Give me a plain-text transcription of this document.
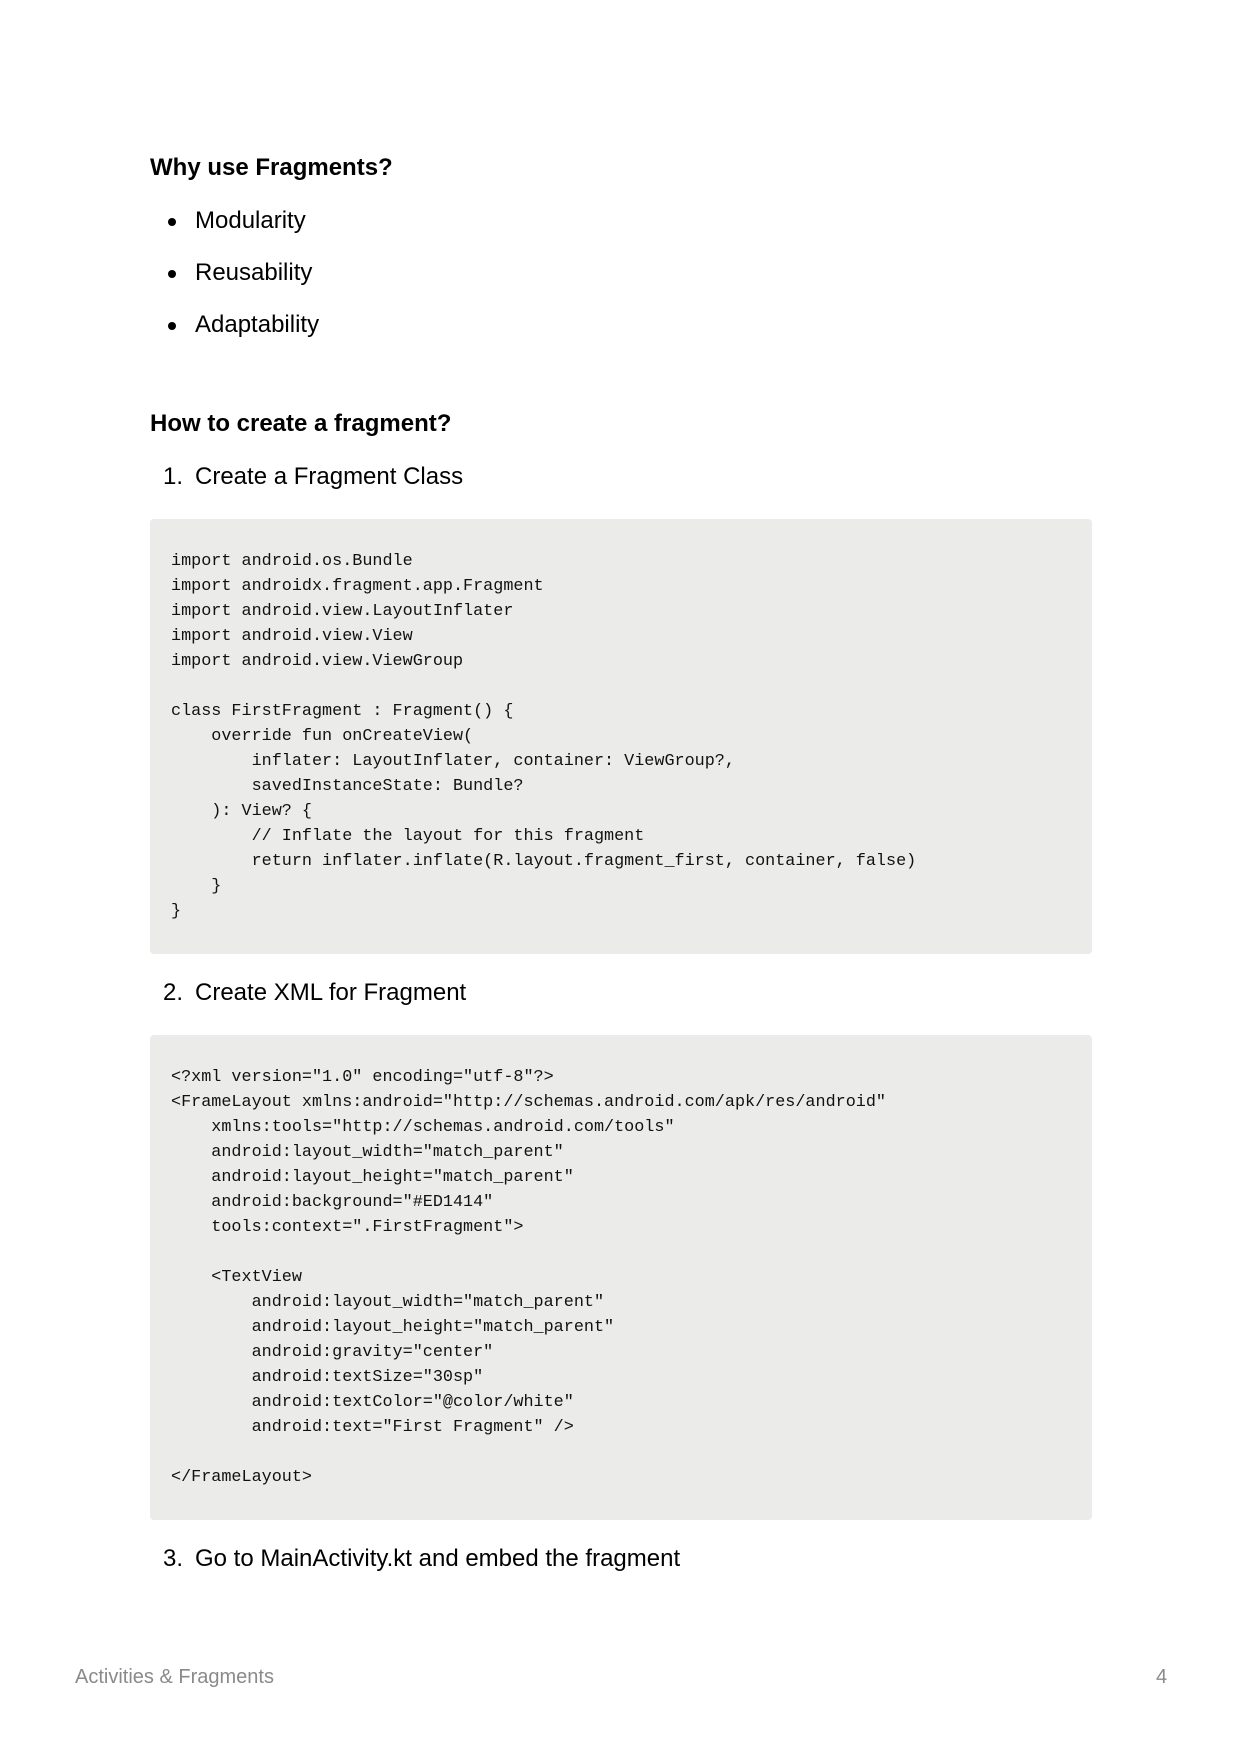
Why use Fragments?
Modularity
Reusability
Adaptability
How to create a fragment?
1. Create a Fragment Class
import android.os.Bundle
import androidx.fragment.app.Fragment
import android.view.LayoutInflater
import android.view.View
import android.view.ViewGroup
class FirstFragment : Fragment() {
override fun onCreateView(
inflater: LayoutInflater, container: ViewGroup?,
savedInstanceState: Bundle?
): View? {
// Inflate the layout for this fragment
return inflater.inflate(R.layout.fragment_first, container, false)
}
}
2. Create XML for Fragment
<?xml version="1.0" encoding="utf-8"?>
<FrameLayout xmlns:android="http://schemas.android.com/apk/res/android"
xmlns:tools="http://schemas.android.com/tools"
android:layout_width="match_parent"
android:layout_height="match_parent"
android:background="#ED1414"
tools:context=".FirstFragment">
<TextView
android:layout_width="match_parent"
android:layout_height="match_parent"
android:gravity="center"
android:textSize="30sp"
android:textColor="@color/white"
android:text="First Fragment" />
</FrameLayout>
3. Go to MainActivity.kt and embed the fragment
Activities & Fragments	4
